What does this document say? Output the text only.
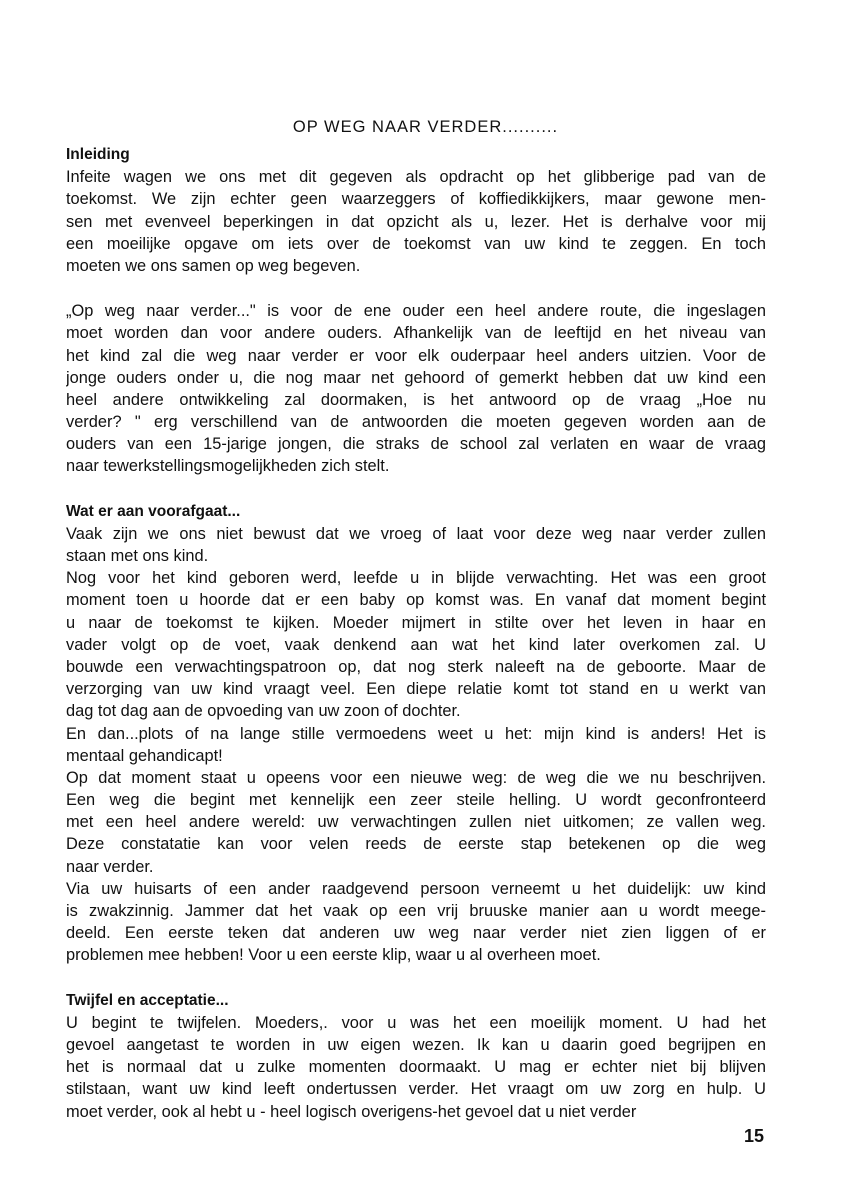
OP WEG NAAR VERDER..........
Inleiding
Infeite wagen we ons met dit gegeven als opdracht op het glibberige pad van de
toekomst. We zijn echter geen waarzeggers of koffiedikkijkers, maar gewone men-
sen met evenveel beperkingen in dat opzicht als u, lezer. Het is derhalve voor mij
een moeilijke opgave om iets over de toekomst van uw kind te zeggen. En toch
moeten we ons samen op weg begeven.
„Op weg naar verder..." is voor de ene ouder een heel andere route, die ingeslagen
moet worden dan voor andere ouders. Afhankelijk van de leeftijd en het niveau van
het kind zal die weg naar verder er voor elk ouderpaar heel anders uitzien. Voor de
jonge ouders onder u, die nog maar net gehoord of gemerkt hebben dat uw kind een
heel andere ontwikkeling zal doormaken, is het antwoord op de vraag „Hoe nu
verder? " erg verschillend van de antwoorden die moeten gegeven worden aan de
ouders van een 15-jarige jongen, die straks de school zal verlaten en waar de vraag
naar tewerkstellingsmogelijkheden zich stelt.
Wat er aan voorafgaat...
Vaak zijn we ons niet bewust dat we vroeg of laat voor deze weg naar verder zullen
staan met ons kind.
Nog voor het kind geboren werd, leefde u in blijde verwachting. Het was een groot
moment toen u hoorde dat er een baby op komst was. En vanaf dat moment begint
u naar de toekomst te kijken. Moeder mijmert in stilte over het leven in haar en
vader volgt op de voet, vaak denkend aan wat het kind later overkomen zal. U
bouwde een verwachtingspatroon op, dat nog sterk naleeft na de geboorte. Maar de
verzorging van uw kind vraagt veel. Een diepe relatie komt tot stand en u werkt van
dag tot dag aan de opvoeding van uw zoon of dochter.
En dan...plots of na lange stille vermoedens weet u het: mijn kind is anders! Het is
mentaal gehandicapt!
Op dat moment staat u opeens voor een nieuwe weg: de weg die we nu beschrijven.
Een weg die begint met kennelijk een zeer steile helling. U wordt geconfronteerd
met een heel andere wereld: uw verwachtingen zullen niet uitkomen; ze vallen weg.
Deze constatatie kan voor velen reeds de eerste stap betekenen op die weg
naar verder.
Via uw huisarts of een ander raadgevend persoon verneemt u het duidelijk: uw kind
is zwakzinnig. Jammer dat het vaak op een vrij bruuske manier aan u wordt meege-
deeld. Een eerste teken dat anderen uw weg naar verder niet zien liggen of er
problemen mee hebben! Voor u een eerste klip, waar u al overheen moet.
Twijfel en acceptatie...
U begint te twijfelen. Moeders,. voor u was het een moeilijk moment. U had het
gevoel aangetast te worden in uw eigen wezen. Ik kan u daarin goed begrijpen en
het is normaal dat u zulke momenten doormaakt. U mag er echter niet bij blijven
stilstaan, want uw kind leeft ondertussen verder. Het vraagt om uw zorg en hulp. U
moet verder, ook al hebt u - heel logisch overigens-het gevoel dat u niet verder
15
